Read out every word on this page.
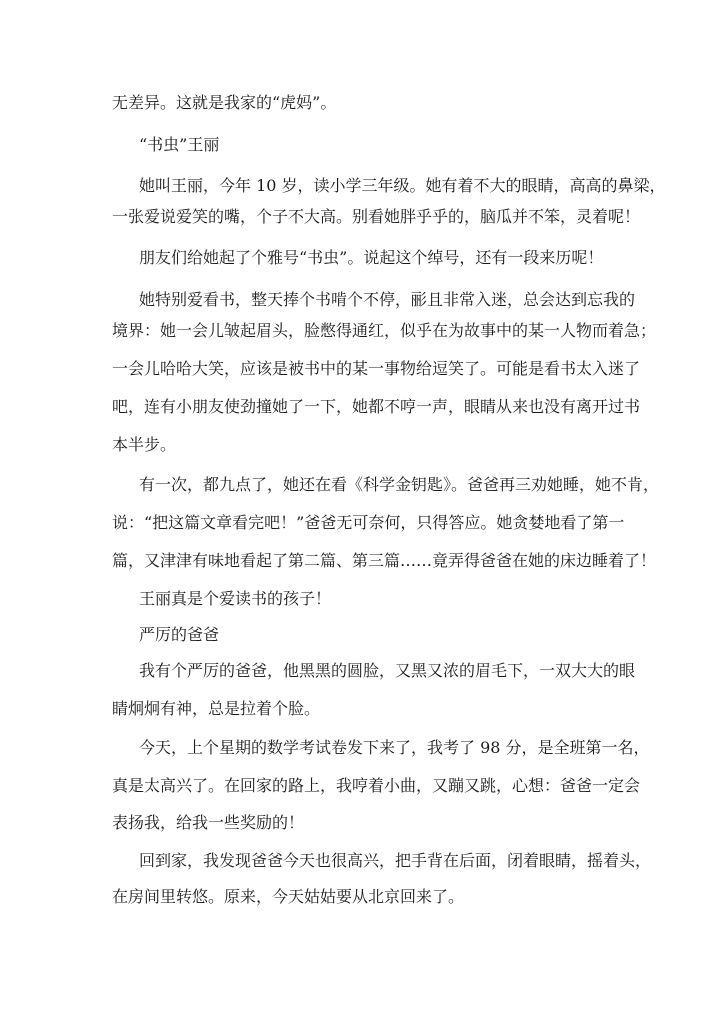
无差异。这就是我家的“虎妈”。

“书虫”王丽

她叫王丽，今年 10 岁，读小学三年级。她有着不大的眼睛，高高的鼻梁，

一张爱说爱笑的嘴，个子不大高。别看她胖乎乎的，脑瓜并不笨，灵着呢！

朋友们给她起了个雅号“书虫”。说起这个绰号，还有一段来历呢！

她特别爱看书，整天捧个书啃个不停，彨且非常入迷，总会达到忘我的

境界：她一会儿皱起眉头，脸憋得通红，似乎在为故事中的某一人物而着急；

一会儿哈哈大笑，应该是被书中的某一事物给逗笑了。可能是看书太入迷了

吧，连有小朋友使劲撞她了一下，她都不哼一声，眼睛从来也没有离开过书

本半步。

有一次，都九点了，她还在看《科学金钥匙》。爸爸再三劝她睡，她不肯，

说：“把这篇文章看完吧！”爸爸无可奈何，只得答应。她贪婪地看了第一

篇，又津津有味地看起了第二篇、第三篇……竟弄得爸爸在她的床边睡着了！

王丽真是个爱读书的孩子！

严厉的爸爸

我有个严厉的爸爸，他黑黑的圆脸，又黑又浓的眉毛下，一双大大的眼

睛炯炯有神，总是拉着个脸。

今天，上个星期的数学考试卷发下来了，我考了 98 分，是全班第一名，

真是太高兴了。在回家的路上，我哼着小曲，又蹦又跳，心想：爸爸一定会

表扬我，给我一些奖励的！

回到家，我发现爸爸今天也很高兴，把手背在后面，闭着眼睛，摇着头，

在房间里转悠。原来，今天姑姑要从北京回来了。
